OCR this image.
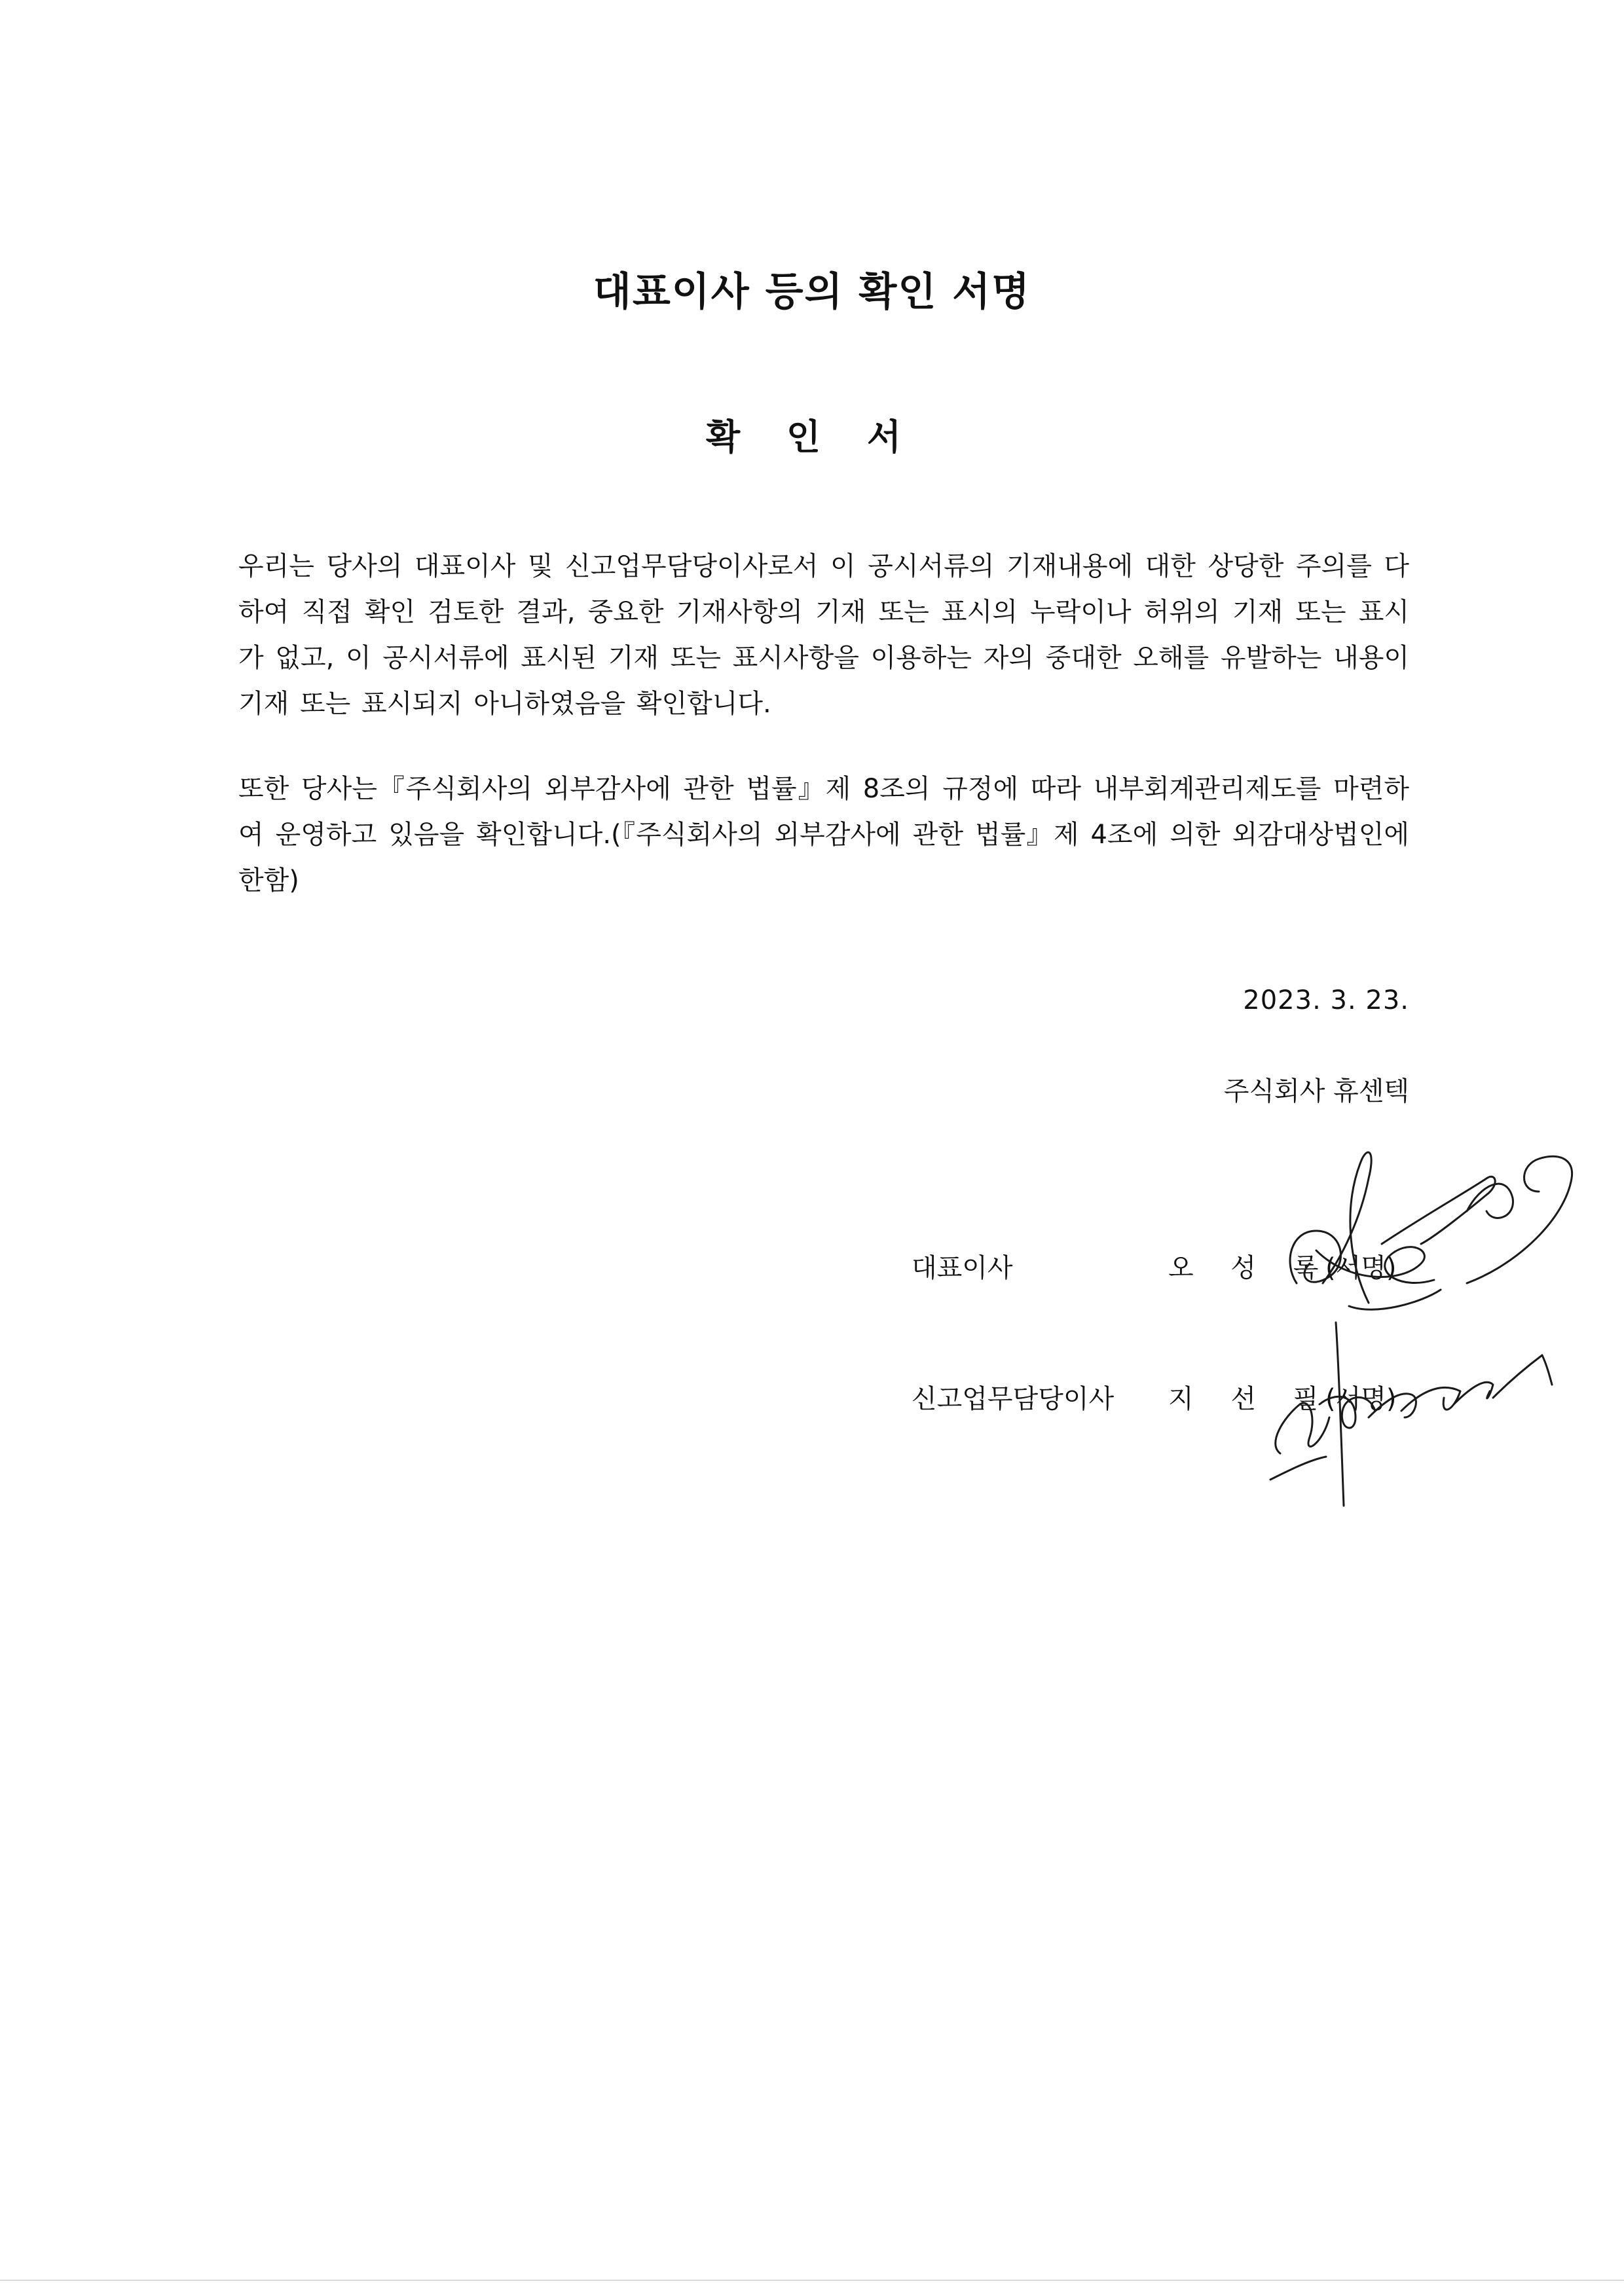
대표이사 등의 확인 서명
확 인 서

우리는 당사의 대표이사 및 신고업무담당이사로서 이 공시서류의 기재내용에 대한 상당한 주의를 다하여 직접 확인 검토한 결과, 중요한 기재사항의 기재 또는 표시의 누락이나 허위의 기재 또는 표시가 없고, 이 공시서류에 표시된 기재 또는 표시사항을 이용하는 자의 중대한 오해를 유발하는 내용이 기재 또는 표시되지 아니하였음을 확인합니다.

또한 당사는『주식회사의 외부감사에 관한 법률』제 8조의 규정에 따라 내부회계관리제도를 마련하여 운영하고 있음을 확인합니다.(『주식회사의 외부감사에 관한 법률』제 4조에 의한 외감대상법인에 한함)

2023. 3. 23.
주식회사 휴센텍
대표이사	오 성 록
(서명)
신고업무담당이사 지 선 필
(서명)
